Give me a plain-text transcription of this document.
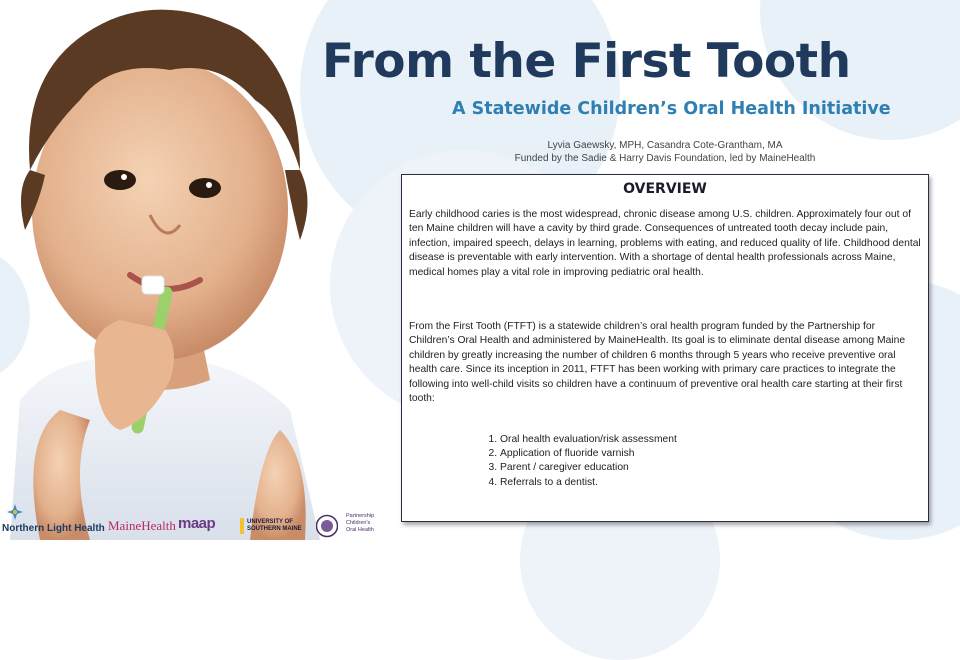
From the First Tooth
A Statewide Children’s Oral Health Initiative
Lyvia Gaewsky, MPH, Casandra Cote-Grantham, MA
Funded by the Sadie & Harry Davis Foundation, led by MaineHealth
OVERVIEW

Early childhood caries is the most widespread, chronic disease among U.S. children. Approximately four out of ten Maine children will have a cavity by third grade. Consequences of untreated tooth decay include pain, infection, impaired speech, delays in learning, problems with eating, and reduced quality of life. Childhood dental disease is preventable with early intervention. With a shortage of dental health professionals across Maine, medical homes play a vital role in improving pediatric oral health.

From the First Tooth (FTFT) is a statewide children’s oral health program funded by the Partnership for Children’s Oral Health and administered by MaineHealth. Its goal is to eliminate dental disease among Maine children by greatly increasing the number of children 6 months through 5 years who receive preventive oral health care. Since its inception in 2011, FTFT has been working with primary care practices to integrate the following into well-child visits so children have a continuum of preventive oral health care starting at their first tooth:

1. Oral health evaluation/risk assessment
2. Application of fluoride varnish
3. Parent / caregiver education
4. Referrals to a dentist.
Northern Light Health MaineHealth maap	UNIVERSITY OF
SOUTHERN MAINE
Partnership
Children's
Oral Health
